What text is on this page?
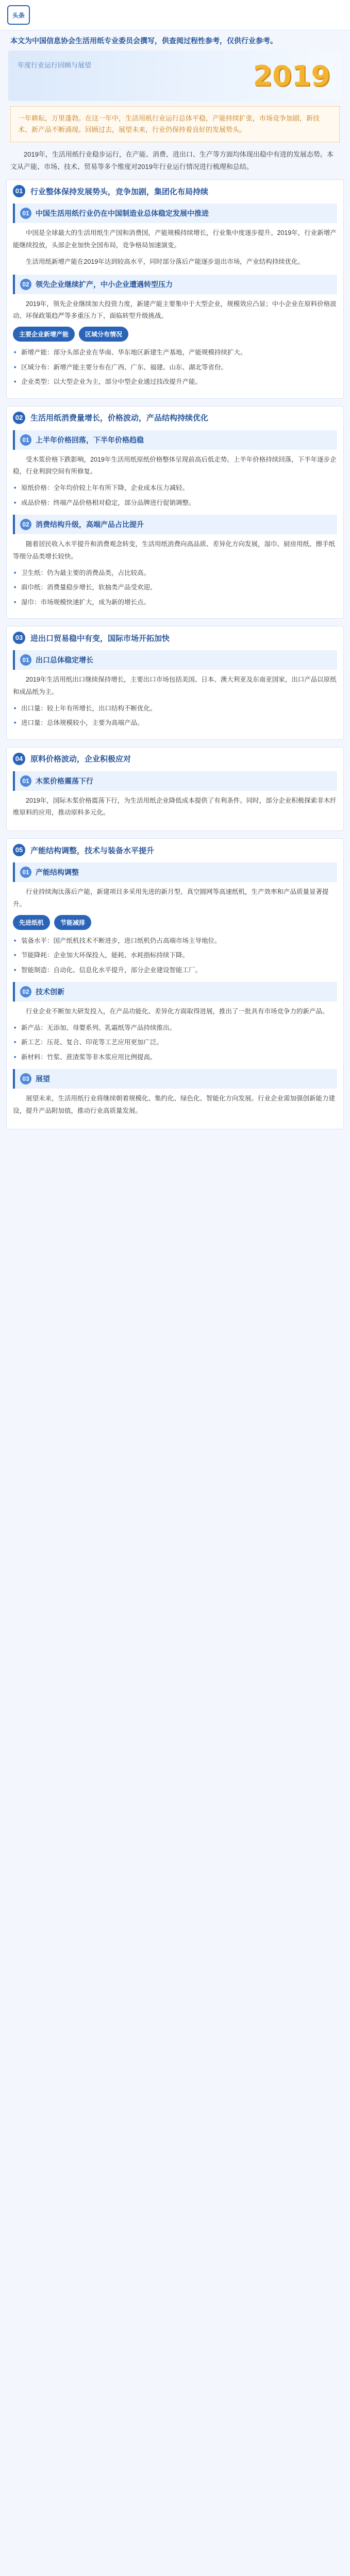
头条
本文为中国信息协会生活用纸专业委员会撰写，供查阅过程性参考，仅供行业参考。
年度行业运行回顾与展望	2019
一年耕耘，万里蓬勃。在这一年中，生活用纸行业运行总体平稳，产能持续扩张，市场竞争加剧，新技术、新产品不断涌现。回顾过去，展望未来，行业仍保持着良好的发展势头。
2019年，生活用纸行业稳步运行，在产能、消费、进出口、生产等方面均体现出稳中有进的发展态势。本文从产能、市场、技术、贸易等多个维度对2019年行业运行情况进行梳理和总结。
01 行业整体保持发展势头，竞争加剧，集团化布局持续
01 中国生活用纸行业仍在中国制造业总体稳定发展中推进
中国是全球最大的生活用纸生产国和消费国，产能规模持续增长，行业集中度逐步提升。2019年，行业新增产能继续投放，头部企业加快全国布局，竞争格局加速演变。
生活用纸新增产能在2019年达到较高水平，同时部分落后产能逐步退出市场，产业结构持续优化。
02 领先企业继续扩产，中小企业遭遇转型压力
2019年，领先企业继续加大投资力度，新建产能主要集中于大型企业，规模效应凸显；中小企业在原料价格波动、环保政策趋严等多重压力下，面临转型升级挑战。
主要企业新增产能	区域分布情况
• 新增产能：部分头部企业在华南、华东地区新建生产基地，产能规模持续扩大。
• 区域分布：新增产能主要分布在广西、广东、福建、山东、湖北等省份。
• 企业类型：以大型企业为主，部分中型企业通过技改提升产能。
02 生活用纸消费量增长，价格波动，产品结构持续优化
01 上半年价格回落，下半年价格趋稳
受木浆价格下跌影响，2019年生活用纸原纸价格整体呈现前高后低走势。上半年价格持续回落，下半年逐步企稳，行业利润空间有所修复。
• 原纸价格：全年均价较上年有所下降，企业成本压力减轻。
• 成品价格：终端产品价格相对稳定，部分品牌进行促销调整。
02 消费结构升级，高端产品占比提升
随着居民收入水平提升和消费观念转变，生活用纸消费向高品质、差异化方向发展，湿巾、厨房用纸、擦手纸等细分品类增长较快。
• 卫生纸：仍为最主要的消费品类，占比较高。
• 面巾纸：消费量稳步增长，软抽类产品受欢迎。
• 湿巾：市场规模快速扩大，成为新的增长点。
03 进出口贸易稳中有变，国际市场开拓加快
01 出口总体稳定增长
2019年生活用纸出口继续保持增长，主要出口市场包括美国、日本、澳大利亚及东南亚国家，出口产品以原纸和成品纸为主。
• 出口量：较上年有所增长，出口结构不断优化。
• 进口量：总体规模较小，主要为高端产品。
04 原料价格波动，企业积极应对
01 木浆价格震荡下行
2019年，国际木浆价格震荡下行，为生活用纸企业降低成本提供了有利条件。同时，部分企业积极探索非木纤维原料的应用，推动原料多元化。
05 产能结构调整，技术与装备水平提升
01 产能结构调整
行业持续淘汰落后产能，新建项目多采用先进的新月型、真空圆网等高速纸机，生产效率和产品质量显著提升。
先进纸机	节能减排
• 装备水平：国产纸机技术不断进步，进口纸机仍占高端市场主导地位。
• 节能降耗：企业加大环保投入，能耗、水耗指标持续下降。
• 智能制造：自动化、信息化水平提升，部分企业建设智能工厂。
02 技术创新
行业企业不断加大研发投入，在产品功能化、差异化方面取得进展，推出了一批具有市场竞争力的新产品。
• 新产品：无添加、母婴系列、乳霜纸等产品持续推出。
• 新工艺：压花、复合、印花等工艺应用更加广泛。
• 新材料：竹浆、蔗渣浆等非木浆应用比例提高。
03 展望
展望未来，生活用纸行业将继续朝着规模化、集约化、绿色化、智能化方向发展。行业企业需加强创新能力建设，提升产品附加值，推动行业高质量发展。
